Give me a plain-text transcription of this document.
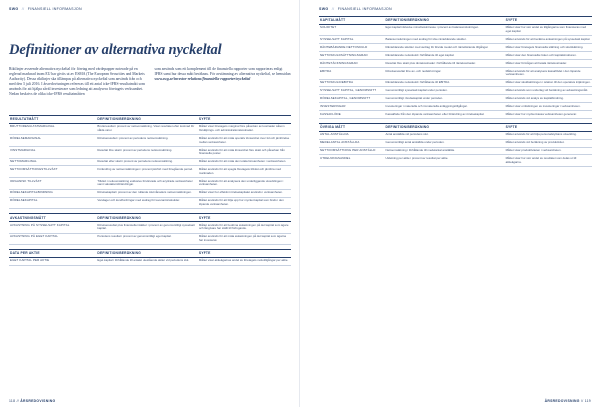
SWG // FINANSIELL INFORMASJON
Definitioner av alternativa nyckeltal
Riktlinjer avseende alternativa nyckeltal för företag med värdepapper noterade på en reglerad marknad inom EU har givits ut av ESMA (The European Securities and Markets Authority). Dessa riktlinjer ska tillämpas på alternativa nyckeltal som används från och med den 3 juli 2016. I årsredovisningen refereras till ett antal icke-IFRS-resultatmått som används för att hjälpa såväl investerare som ledning att analysera företagets verksamhet. Nedan beskrivs de olika icke-IFRS resultatmåtten
som används som ett komplement till de finansiella rapporter som rapporteras enligt IFRS samt hur dessa mått beräknas. För avstämning av alternativa nyckeltal, se hemsidan www.swg.se/investor-relations/finansiella-rapporter/nyckeltal
RESULTATMÅTT	DEFINITION/BERÄKNING	SYFTE
BRUTTORESULTATMARGINAL	Bruttoresultat i procent av nettoomsättning. Visar resultatet efter kostnad för sålda varor.	Måttet visar företagets marginal före påverkan av kostnader såsom försäljnings- och administrationskostnader.
RÖRELSEMARGINAL	Rörelseresultet i procent av periodens nettoomsättning.	Måttet används för att mäta operativ lönsamhet över tid och jämförelse mellan verksamheter.
VINSTMARGINAL	Resultat före skatt i procent av periodens nettoomsättning.	Måttet används för att mäta lönsamhet före skatt och påverkan från finansiella poster.
NETTOMARGINAL	Resultat efter skatt i procent av periodens nettoomsättning.	Måttet används för att mäta den totala lönsamheten i verksamheten.
NETTOOMSÄTTNINGSTILLVÄXT	Förändring av nettoomsättningen i procent jämfört med föregående period.	Måttet används för att spegla företagets tillväxt och jämföra med marknaden.
ORGANISK TILLVÄXT	Tillväxt i nettoomsättning exklusive förvärvade och avyttrade verksamheter samt valutakursförändringar.	Måttet används för att analysera den underliggande utvecklingen i verksamheten.
RÖRELSEKAPITALBINDNING	Rörelsekapital i procent av den rullande tolvmånaders nettoomsättningen.	Måttet visar hur effektivt rörelsekapitalet används i verksamheten.
RÖRELSEKAPITAL	Varulager och kundfordringar med avdrag för leverantörsskulder.	Måttet används för att följa upp hur mycket kapital som binds i den löpande verksamheten.
AVKASTNINGSMÅTT	DEFINITION/BERÄKNING	SYFTE
AVKASTNING PÅ SYSSELSATT KAPITAL	Rörelseresultat plus finansiella intäkter i procent av genomsnittligt sysselsatt kapital.	Måttet används för att bedöma avkastningen på det kapital som ägare och långivare har ställt till förfogande.
AVKASTNING PÅ EGET KAPITAL	Periodens resultat i procent av genomsnittligt eget kapital.	Måttet används för att mäta avkastningen på det kapital som ägarna har investerat.
DATA PER AKTIE	DEFINITION/BERÄKNING	SYFTE
EGET KAPITAL PER AKTIE	Eget kapital i förhållande till antalet utestående aktier vid periodens slut.	Måttet visar aktieägarnas andel av företagets nettotillgångar per aktie.
118 // ÅRSREDOVISNING
SWG // FINANSIELL INFORMASJON
KAPITALMÅTT	DEFINITION/BERÄKNING	SYFTE
SOLIDITET	Eget kapital inklusive minoritetsintresse i procent av balansomslutningen.	Måttet visar hur stor andel av tillgångarna som finansieras med eget kapital.
SYSSELSATT KAPITAL	Balansomslutningen med avdrag för icke räntebärande skulder.	Måttet används för att beräkna avkastningen på sysselsatt kapital.
RÄNTEBÄRANDE NETTOSKULD	Räntebärande skulder med avdrag för likvida medel och räntebärande tillgångar.	Måttet visar företagets finansiella ställning och skuldsättning.
NETTOSKULDSÄTTNINGSGRAD	Räntebärande nettoskuld i förhållande till eget kapital.	Måttet visar den finansiella risken och kapitalstrukturen.
RÄNTETÄCKNINGSGRAD	Resultat före skatt plus räntekostnader i förhållande till räntekostnader.	Måttet visar förmågan att betala räntekostnader.
EBITDA	Rörelseresultat före av- och nedskrivningar.	Måttet används för att analysera kassaflödet i den löpande verksamheten.
NETTOSKULD/EBITDA	Räntebärande nettoskuld i förhållande till EBITDA.	Måttet visar skuldsättningen i relation till den operativa intjäningen.
SYSSELSATT KAPITAL, GENOMSNITT	Genomsnittligt sysselsatt kapital under perioden.	Måttet används som underlag vid beräkning av avkastningsmått.
RÖRELSEKAPITAL, GENOMSNITT	Genomsnittligt rörelsekapital under perioden.	Måttet används vid analys av kapitalbindning.
INVESTERINGAR	Investeringar i materiella och immateriella anläggningstillgångar.	Måttet visar omfattningen av investeringar i verksamheten.
KASSAFLÖDE	Kassaflöde från den löpande verksamheten efter förändring av rörelsekapital.	Måttet visar hur mycket kassa verksamheten genererar.
ÖVRIGA MÅTT	DEFINITION/BERÄKNING	SYFTE
ANTAL ANSTÄLLDA	Antal anställda vid periodens slut.	Måttet används för att följa personalstyrkans utveckling.
MEDELANTAL ANSTÄLLDA	Genomsnittligt antal anställda under perioden.	Måttet används vid beräkning av produktivitet.
NETTOOMSÄTTNING PER ANSTÄLLD	Nettoomsättning i förhållande till medelantal anställda.	Måttet visar produktiviteten i verksamheten.
UTDELNINGSANDEL	Utdelning per aktie i procent av resultat per aktie.	Måttet visar hur stor andel av resultatet som delas ut till aktieägarna.
ÅRSREDOVISNING // 119
